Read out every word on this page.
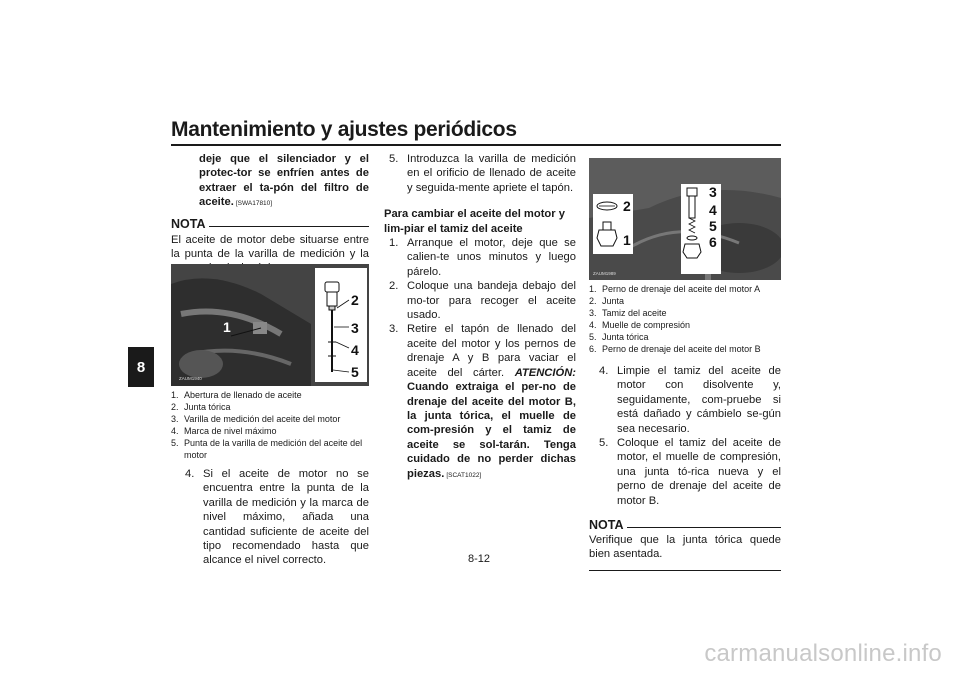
Mantenimiento y ajustes periódicos
8

deje que el silenciador y el protec-tor se enfríen antes de extraer el ta-pón del filtro de aceite. [SWA17810]

NOTA

El aceite de motor debe situarse entre la punta de la varilla de medición y la

1
2
3
4
5
ZAUM1940
1. Abertura de llenado de aceite
2. Junta tórica
3. Varilla de medición del aceite del motor
4. Marca de nivel máximo
5. Punta de la varilla de medición del aceite del motor
4. Si el aceite de motor no se encuentra entre la punta de la varilla de medición y la marca de nivel máximo, añada una cantidad suficiente de aceite del tipo recomendado hasta que alcance el nivel correcto.
5. Introduzca la varilla de medición en el orificio de llenado de aceite y seguida-mente apriete el tapón.

Para cambiar el aceite del motor y lim-piar el tamiz del aceite

1. Arranque el motor, deje que se calien-te unos minutos y luego párelo.
2. Coloque una bandeja debajo del mo-tor para recoger el aceite usado.
3. Retire el tapón de llenado del aceite del motor y los pernos de drenaje A y B para vaciar el aceite del cárter. ATENCIÓN: Cuando extraiga el per-no de drenaje del aceite del motor B, la junta tórica, el muelle de com-presión y el tamiz de aceite se sol-tarán. Tenga cuidado de no perder dichas piezas. [SCAT1022]
2
1
3
4
5
6
ZAUM1989
1. Perno de drenaje del aceite del motor A
2. Junta
3. Tamiz del aceite
4. Muelle de compresión
5. Junta tórica
6. Perno de drenaje del aceite del motor B
4. Limpie el tamiz del aceite de motor con disolvente y, seguidamente, com-pruebe si está dañado y cámbielo se-gún sea necesario.
5. Coloque el tamiz del aceite de motor, el muelle de compresión, una junta tó-rica nueva y el perno de drenaje del aceite de motor B.
NOTA

Verifique que la junta tórica quede bien asentada.

8-12
carmanualsonline.info
